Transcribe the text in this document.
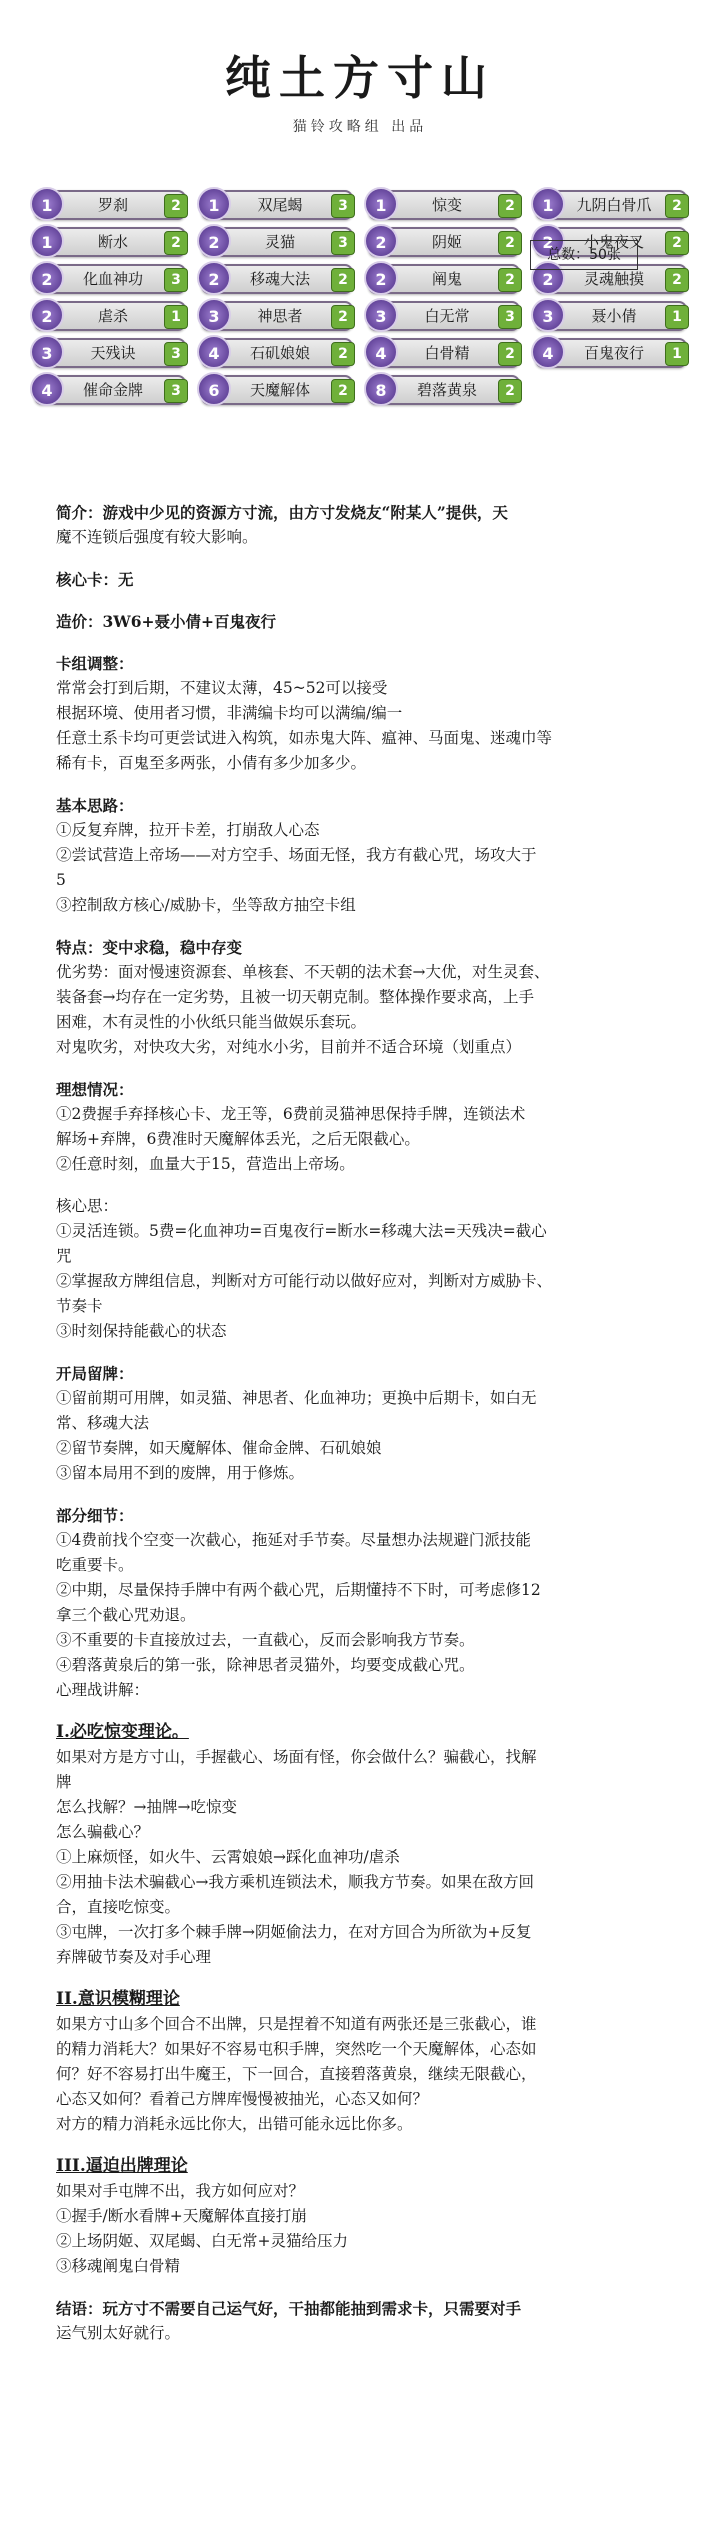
纯土方寸山
猫铃攻略组 出品
1	罗刹	2	1	双尾蝎	3	1	惊变	2	1	九阴白骨爪	2
1	断水	2	2	灵猫	3	2	阴姬	2	2	小鬼夜叉	2
2	化血神功	3	2	移魂大法	2	2	阐鬼	2	2	灵魂触摸	2
2	虐杀	1	3	神思者	2	3	白无常	3	3	聂小倩	1
3	天残诀	3	4	石矶娘娘	2	4	白骨精	2	4	百鬼夜行	1
4	催命金牌	3	6	天魔解体	2	8	碧落黄泉	2
总数：50张
简介：游戏中少见的资源方寸流，由方寸发烧友“附某人”提供，天
魔不连锁后强度有较大影响。
核心卡：无
造价：3W6+聂小倩+百鬼夜行
卡组调整：
常常会打到后期，不建议太薄，45~52可以接受
根据环境、使用者习惯，非满编卡均可以满编/编一
任意土系卡均可更尝试进入构筑，如赤鬼大阵、瘟神、马面鬼、迷魂巾等
稀有卡，百鬼至多两张，小倩有多少加多少。
基本思路：
①反复弃牌，拉开卡差，打崩敌人心态
②尝试营造上帝场——对方空手、场面无怪，我方有截心咒，场攻大于
5
③控制敌方核心/威胁卡，坐等敌方抽空卡组
特点：变中求稳，稳中存变
优劣势：面对慢速资源套、单核套、不天朝的法术套→大优，对生灵套、
装备套→均存在一定劣势，且被一切天朝克制。整体操作要求高，上手
困难，木有灵性的小伙纸只能当做娱乐套玩。
对鬼吹劣，对快攻大劣，对纯水小劣，目前并不适合环境（划重点）
理想情况：
①2费握手弃择核心卡、龙王等，6费前灵猫神思保持手牌，连锁法术
解场+弃牌，6费准时天魔解体丢光，之后无限截心。
②任意时刻，血量大于15，营造出上帝场。
核心思：
①灵活连锁。5费=化血神功=百鬼夜行=断水=移魂大法=天残决=截心
咒
②掌握敌方牌组信息，判断对方可能行动以做好应对，判断对方威胁卡、
节奏卡
③时刻保持能截心的状态
开局留牌：
①留前期可用牌，如灵猫、神思者、化血神功；更换中后期卡，如白无
常、移魂大法
②留节奏牌，如天魔解体、催命金牌、石矶娘娘
③留本局用不到的废牌，用于修炼。
部分细节：
①4费前找个空变一次截心，拖延对手节奏。尽量想办法规避门派技能
吃重要卡。
②中期，尽量保持手牌中有两个截心咒，后期懂持不下时，可考虑修12
拿三个截心咒劝退。
③不重要的卡直接放过去，一直截心，反而会影响我方节奏。
④碧落黄泉后的第一张，除神思者灵猫外，均要变成截心咒。
心理战讲解：
I.必吃惊变理论。
如果对方是方寸山，手握截心、场面有怪，你会做什么？骗截心，找解
牌
怎么找解？→抽牌→吃惊变
怎么骗截心？
①上麻烦怪，如火牛、云霄娘娘→踩化血神功/虐杀
②用抽卡法术骗截心→我方乘机连锁法术，顺我方节奏。如果在敌方回
合，直接吃惊变。
③屯牌，一次打多个棘手牌→阴姬偷法力，在对方回合为所欲为+反复
弃牌破节奏及对手心理
II.意识模糊理论
如果方寸山多个回合不出牌，只是捏着不知道有两张还是三张截心，谁
的精力消耗大？如果好不容易屯积手牌，突然吃一个天魔解体，心态如
何？好不容易打出牛魔王，下一回合，直接碧落黄泉，继续无限截心，
心态又如何？看着己方牌库慢慢被抽光，心态又如何？
对方的精力消耗永远比你大，出错可能永远比你多。
III.逼迫出牌理论
如果对手屯牌不出，我方如何应对？
①握手/断水看牌+天魔解体直接打崩
②上场阴姬、双尾蝎、白无常+灵猫给压力
③移魂阐鬼白骨精
结语：玩方寸不需要自己运气好，干抽都能抽到需求卡，只需要对手
运气别太好就行。
